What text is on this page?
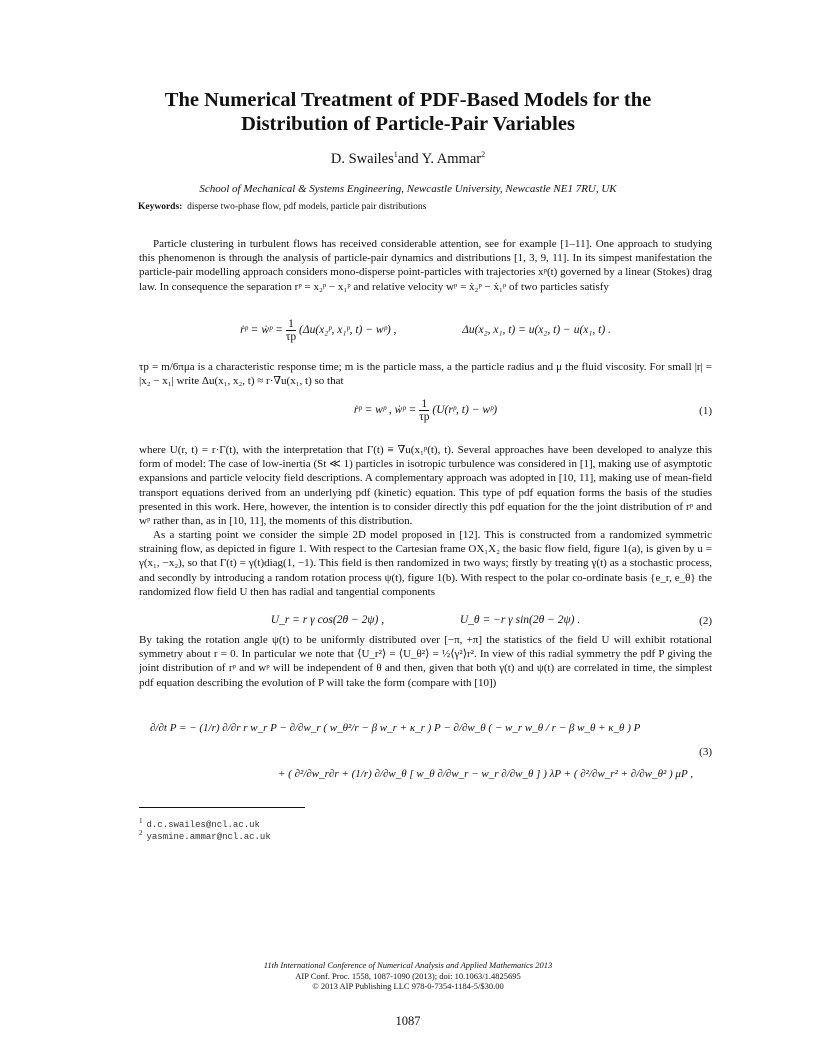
The Numerical Treatment of PDF-Based Models for the
Distribution of Particle-Pair Variables
D. Swailes$^1$and Y. Ammar$^2$
School of Mechanical & Systems Engineering, Newcastle University, Newcastle NE1 7RU, UK
Keywords: disperse two-phase flow, pdf models, particle pair distributions
Particle clustering in turbulent flows has received considerable attention, see for example [1–11]. One approach to studying this phenomenon is through the analysis of particle-pair dynamics and distributions [1, 3, 9, 11]. In its simpest manifestation the particle-pair modelling approach considers mono-disperse point-particles with trajectories xᵖ(t) governed by a linear (Stokes) drag law. In consequence the separation rᵖ = x₂ᵖ − x₁ᵖ and relative velocity wᵖ = ẋ₂ᵖ − ẋ₁ᵖ of two particles satisfy
ṙᵖ = ẇᵖ = $\frac{1}{\tau p}$ (Δu(x₂ᵖ, x₁ᵖ, t) − wᵖ) ,	Δu(x₂, x₁, t) = u(x₂, t) − u(x₁, t) .
τp = m/6πμa is a characteristic response time; m is the particle mass, a the particle radius and μ the fluid viscosity. For small |r| = |x₂ − x₁| write Δu(x₁, x₂, t) ≈ r·∇u(x₁, t) so that
ṙᵖ = wᵖ , ẇᵖ = $\frac{1}{\tau p}$ (U(rᵖ, t) − wᵖ)	(1)
where U(r, t) = r·Γ(t), with the interpretation that Γ(t) ≡ ∇u(x₁ᵖ(t), t). Several approaches have been developed to analyze this form of model: The case of low-inertia (St ≪ 1) particles in isotropic turbulence was considered in [1], making use of asymptotic expansions and particle velocity field descriptions. A complementary approach was adopted in [10, 11], making use of mean-field transport equations derived from an underlying pdf (kinetic) equation. This type of pdf equation forms the basis of the studies presented in this work. Here, however, the intention is to consider directly this pdf equation for the the joint distribution of rᵖ and wᵖ rather than, as in [10, 11], the moments of this distribution.
As a starting point we consider the simple 2D model proposed in [12]. This is constructed from a randomized symmetric straining flow, as depicted in figure 1. With respect to the Cartesian frame OX₁X₂ the basic flow field, figure 1(a), is given by u = γ(x₁, −x₂), so that Γ(t) = γ(t)diag(1, −1). This field is then randomized in two ways; firstly by treating γ(t) as a stochastic process, and secondly by introducing a random rotation process ψ(t), figure 1(b). With respect to the polar co-ordinate basis {e_r, e_θ} the randomized flow field U then has radial and tangential components
U_r = r γ cos(2θ − 2ψ) ,	U_θ = −r γ sin(2θ − 2ψ) .	(2)
By taking the rotation angle ψ(t) to be uniformly distributed over [−π, +π] the statistics of the field U will exhibit rotational symmetry about r = 0. In particular we note that ⟨U_r²⟩ = ⟨U_θ²⟩ = ½⟨γ²⟩r². In view of this radial symmetry the pdf P giving the joint distribution of rᵖ and wᵖ will be independent of θ and then, given that both γ(t) and ψ(t) are correlated in time, the simplest pdf equation describing the evolution of P will take the form (compare with [10])
∂/∂t P = − (1/r) ∂/∂r r w_r P − ∂/∂w_r ( w_θ²/r − β w_r + κ_r ) P − ∂/∂w_θ ( − w_r w_θ / r − β w_θ + κ_θ ) P
+ ( ∂²/∂w_r∂r + (1/r) ∂/∂w_θ [ w_θ ∂/∂w_r − w_r ∂/∂w_θ ] ) λP + ( ∂²/∂w_r² + ∂/∂w_θ² ) μP ,
(3)
$^1$ d.c.swailes@ncl.ac.uk
$^2$ yasmine.ammar@ncl.ac.uk
11th International Conference of Numerical Analysis and Applied Mathematics 2013
AIP Conf. Proc. 1558, 1087-1090 (2013); doi: 10.1063/1.4825695
© 2013 AIP Publishing LLC 978-0-7354-1184-5/$30.00
1087
